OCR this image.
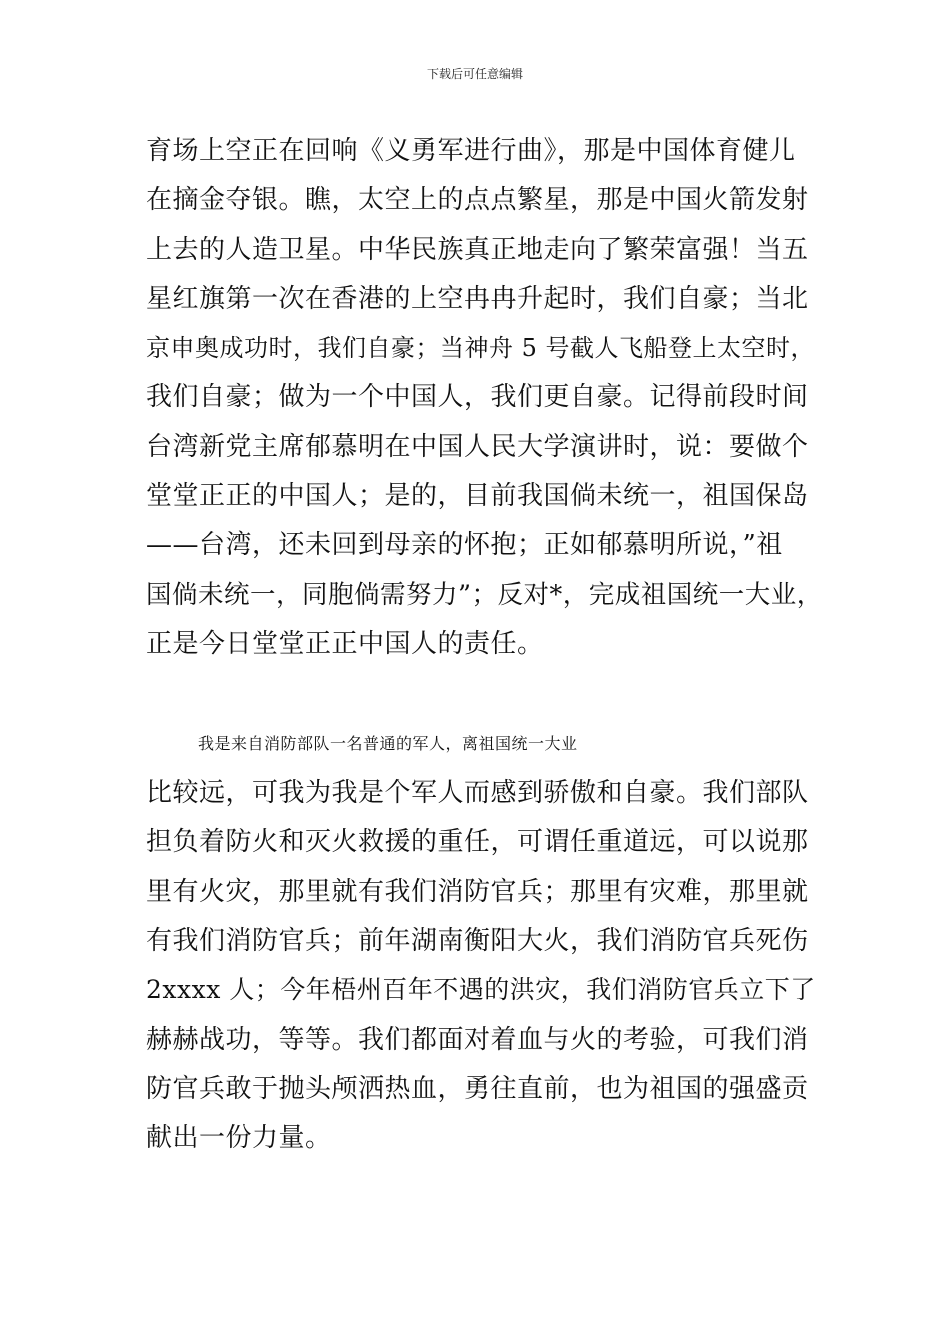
下载后可任意编辑
育场上空正在回响《义勇军进行曲》，那是中国体育健儿
在摘金夺银。瞧，太空上的点点繁星，那是中国火箭发射
上去的人造卫星。中华民族真正地走向了繁荣富强！当五
星红旗第一次在香港的上空冉冉升起时，我们自豪；当北
京申奥成功时，我们自豪；当神舟 5 号截人飞船登上太空时，
我们自豪；做为一个中国人，我们更自豪。记得前段时间
台湾新党主席郁慕明在中国人民大学演讲时，说：要做个
堂堂正正的中国人；是的，目前我国倘未统一，祖国保岛
——台湾，还未回到母亲的怀抱；正如郁慕明所说，”祖
国倘未统一，同胞倘需努力”；反对*，完成祖国统一大业，
正是今日堂堂正正中国人的责任。
我是来自消防部队一名普通的军人，离祖国统一大业
比较远，可我为我是个军人而感到骄傲和自豪。我们部队
担负着防火和灭火救援的重任，可谓任重道远，可以说那
里有火灾，那里就有我们消防官兵；那里有灾难，那里就
有我们消防官兵；前年湖南衡阳大火，我们消防官兵死伤
2xxxx 人；今年梧州百年不遇的洪灾，我们消防官兵立下了
赫赫战功，等等。我们都面对着血与火的考验，可我们消
防官兵敢于抛头颅洒热血，勇往直前，也为祖国的强盛贡
献出一份力量。
